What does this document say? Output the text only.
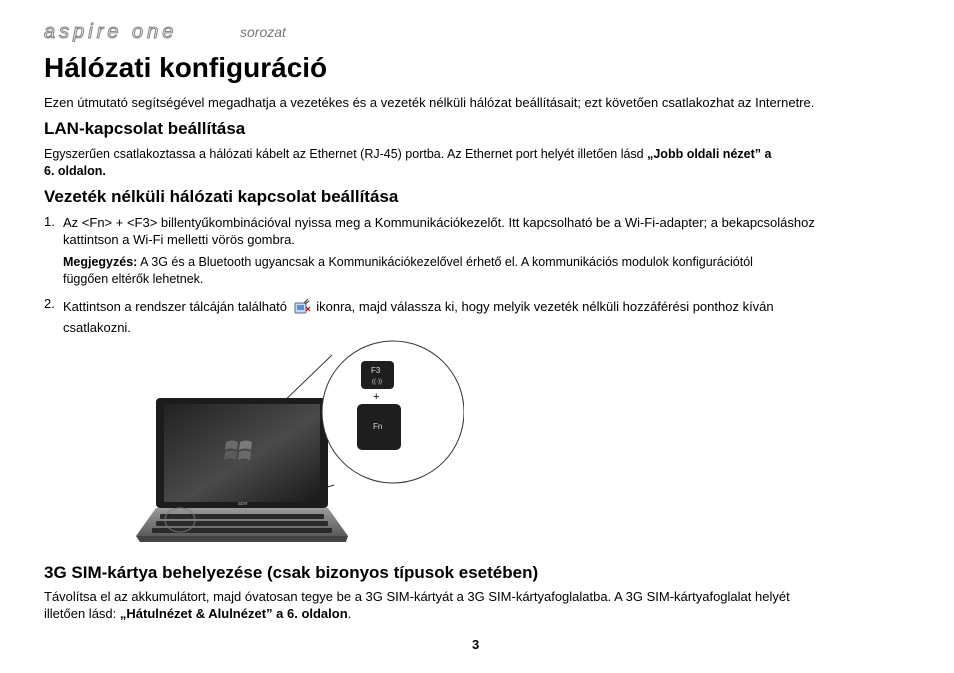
aspire one	sorozat
Hálózati konfiguráció

Ezen útmutató segítségével megadhatja a vezetékes és a vezeték nélküli hálózat beállításait; ezt követően csatlakozhat az Internetre.

LAN-kapcsolat beállítása

Egyszerűen csatlakoztassa a hálózati kábelt az Ethernet (RJ-45) portba. Az Ethernet port helyét illetően lásd „Jobb oldali nézet” a
6. oldalon.

Vezeték nélküli hálózati kapcsolat beállítása
1. Az <Fn> + <F3> billentyűkombinációval nyissa meg a Kommunikációkezelőt. Itt kapcsolható be a Wi-Fi-adapter; a bekapcsoláshoz
kattintson a Wi-Fi melletti vörös gombra.

Megjegyzés: A 3G és a Bluetooth ugyancsak a Kommunikációkezelővel érhető el. A kommunikációs modulok konfigurációtól
függően eltérők lehetnek.

2. Kattintson a rendszer tálcáján található  ikonra, majd válassza ki, hogy melyik vezeték nélküli hozzáférési ponthoz kíván
csatlakozni.

acer
F3
((·))
+
Fn
3G SIM-kártya behelyezése (csak bizonyos típusok esetében)

Távolítsa el az akkumulátort, majd óvatosan tegye be a 3G SIM-kártyát a 3G SIM-kártyafoglalatba. A 3G SIM-kártyafoglalat helyét
illetően lásd: „Hátulnézet & Alulnézet” a 6. oldalon.

3
